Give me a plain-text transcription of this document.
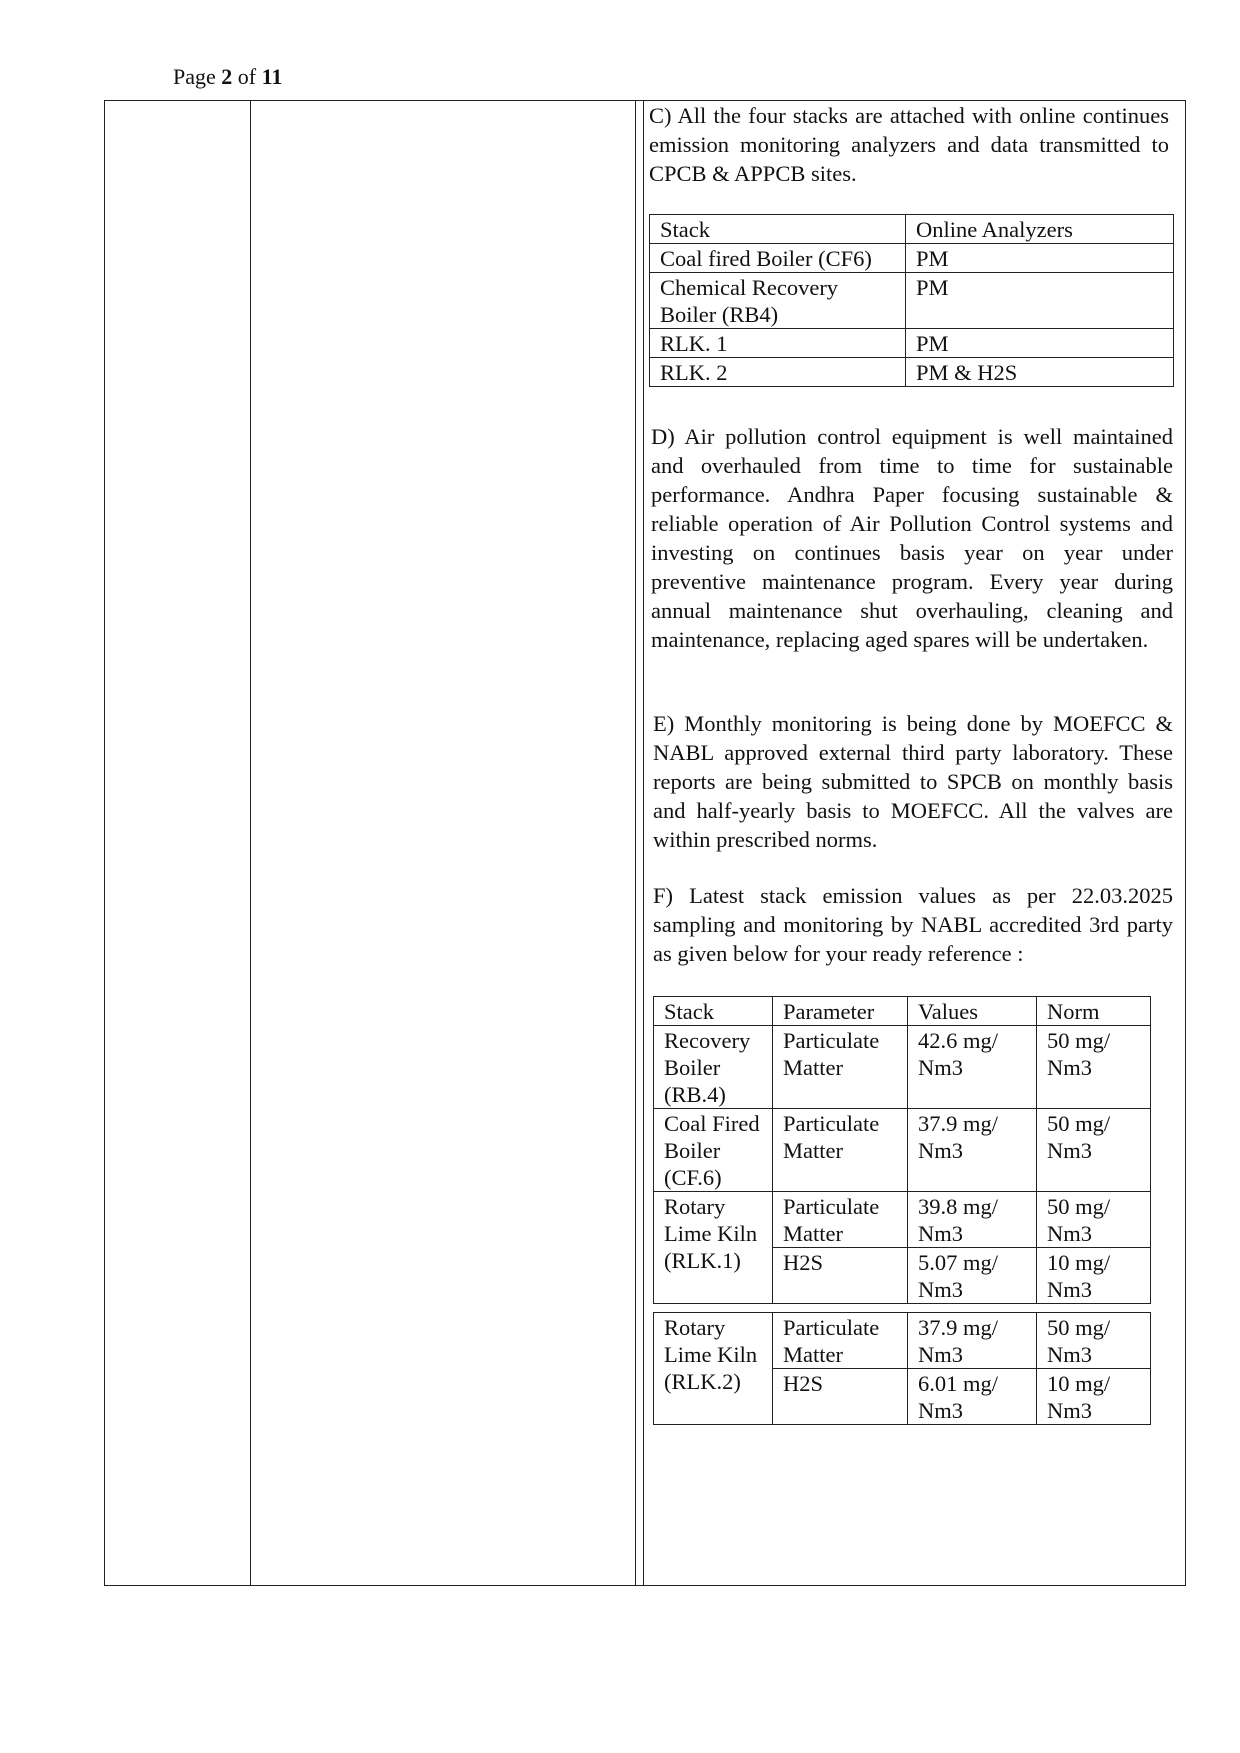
Page 2 of 11

C) All the four stacks are attached with online continues emission monitoring analyzers and data transmitted to CPCB & APPCB sites.

Stack	Online Analyzers
Coal fired Boiler (CF6)	PM
Chemical Recovery Boiler (RB4)	PM
RLK. 1	PM
RLK. 2	PM & H2S

D) Air pollution control equipment is well maintained and overhauled from time to time for sustainable performance. Andhra Paper focusing sustainable & reliable operation of Air Pollution Control systems and investing on continues basis year on year under preventive maintenance program. Every year during annual maintenance shut overhauling, cleaning and maintenance, replacing aged spares will be undertaken.

E) Monthly monitoring is being done by MOEFCC & NABL approved external third party laboratory. These reports are being submitted to SPCB on monthly basis and half-yearly basis to MOEFCC. All the valves are within prescribed norms.

F) Latest stack emission values as per 22.03.2025 sampling and monitoring by NABL accredited 3rd party as given below for your ready reference :

Stack	Parameter	Values	Norm
Recovery Boiler (RB.4)	Particulate Matter	42.6 mg/ Nm3	50 mg/ Nm3
Coal Fired Boiler (CF.6)	Particulate Matter	37.9 mg/ Nm3	50 mg/ Nm3
Rotary Lime Kiln (RLK.1)	Particulate Matter	39.8 mg/ Nm3	50 mg/ Nm3
	H2S	5.07 mg/ Nm3	10 mg/ Nm3

Rotary Lime Kiln (RLK.2)	Particulate Matter	37.9 mg/ Nm3	50 mg/ Nm3
	H2S	6.01 mg/ Nm3	10 mg/ Nm3
